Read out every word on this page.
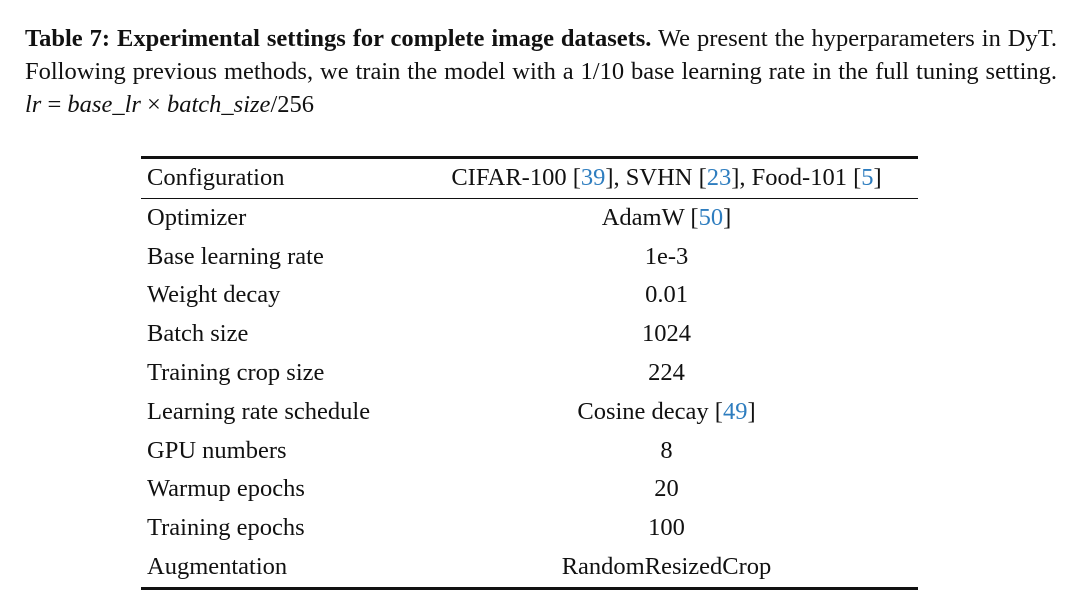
Table 7: Experimental settings for complete image datasets. We present the hyperparameters in DyT. Following previous methods, we train the model with a 1/10 base learning rate in the full tuning setting. lr = base_lr × batch_size/256
Configuration	CIFAR-100 [39], SVHN [23], Food-101 [5]
Optimizer	AdamW [50]
Base learning rate	1e-3
Weight decay	0.01
Batch size	1024
Training crop size	224
Learning rate schedule	Cosine decay [49]
GPU numbers	8
Warmup epochs	20
Training epochs	100
Augmentation	RandomResizedCrop
